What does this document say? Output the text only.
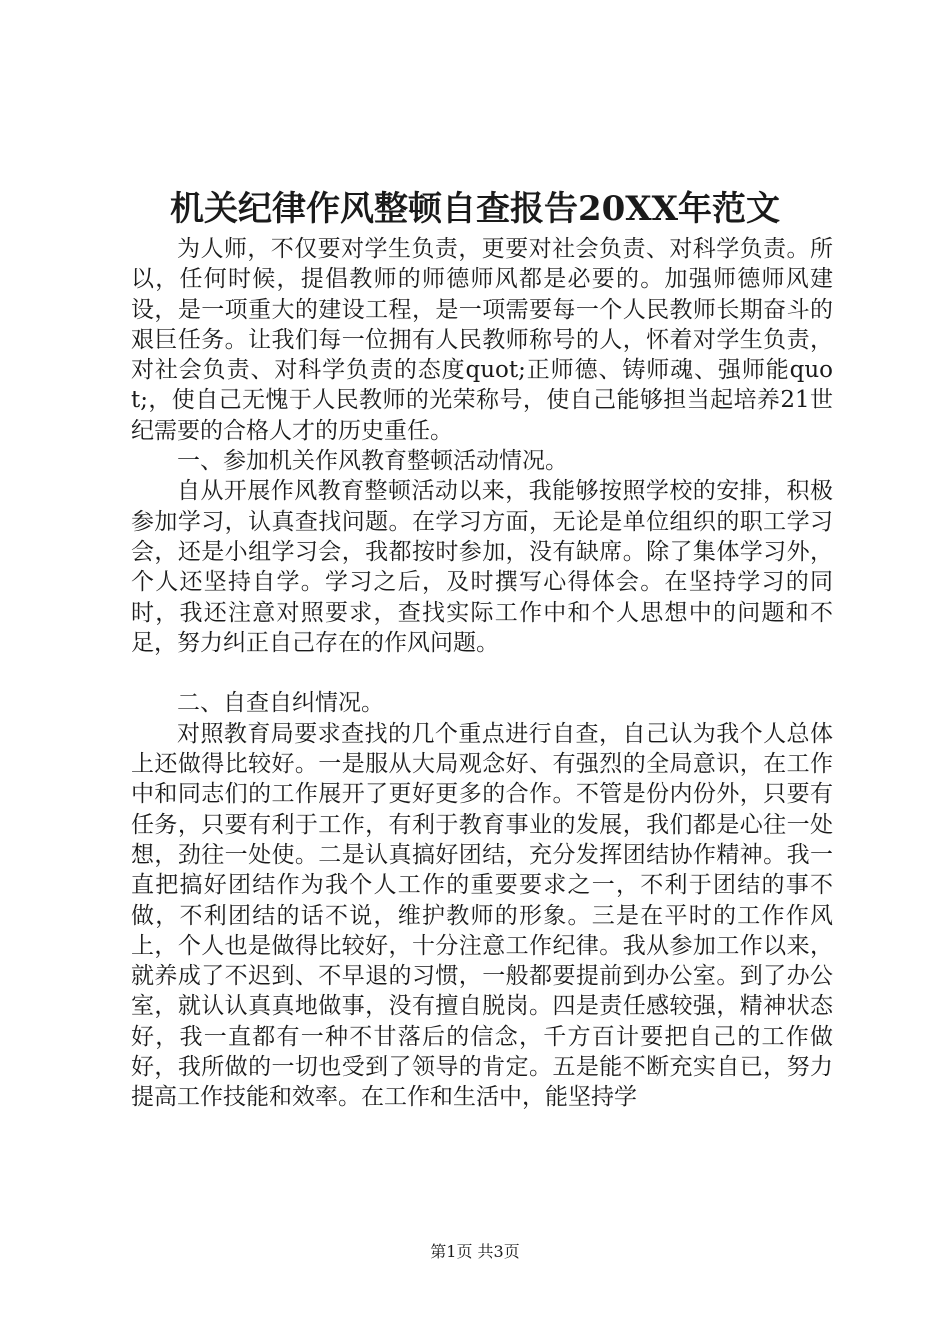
机关纪律作风整顿自查报告20XX年范文

为人师，不仅要对学生负责，更要对社会负责、对科学负责。所以，任何时候，提倡教师的师德师风都是必要的。加强师德师风建设，是一项重大的建设工程，是一项需要每一个人民教师长期奋斗的艰巨任务。让我们每一位拥有人民教师称号的人，怀着对学生负责，对社会负责、对科学负责的态度quot;正师德、铸师魂、强师能quot;，使自己无愧于人民教师的光荣称号，使自己能够担当起培养21世纪需要的合格人才的历史重任。

一、参加机关作风教育整顿活动情况。

自从开展作风教育整顿活动以来，我能够按照学校的安排，积极参加学习，认真查找问题。在学习方面，无论是单位组织的职工学习会，还是小组学习会，我都按时参加，没有缺席。除了集体学习外，个人还坚持自学。学习之后，及时撰写心得体会。在坚持学习的同时，我还注意对照要求，查找实际工作中和个人思想中的问题和不足，努力纠正自己存在的作风问题。

二、自查自纠情况。

对照教育局要求查找的几个重点进行自查，自己认为我个人总体上还做得比较好。一是服从大局观念好、有强烈的全局意识，在工作中和同志们的工作展开了更好更多的合作。不管是份内份外，只要有任务，只要有利于工作，有利于教育事业的发展，我们都是心往一处想，劲往一处使。二是认真搞好团结，充分发挥团结协作精神。我一直把搞好团结作为我个人工作的重要要求之一，不利于团结的事不做，不利团结的话不说，维护教师的形象。三是在平时的工作作风上，个人也是做得比较好，十分注意工作纪律。我从参加工作以来，就养成了不迟到、不早退的习惯，一般都要提前到办公室。到了办公室，就认认真真地做事，没有擅自脱岗。四是责任感较强，精神状态好，我一直都有一种不甘落后的信念，千方百计要把自己的工作做好，我所做的一切也受到了领导的肯定。五是能不断充实自已，努力提高工作技能和效率。在工作和生活中，能坚持学

第1页 共3页
